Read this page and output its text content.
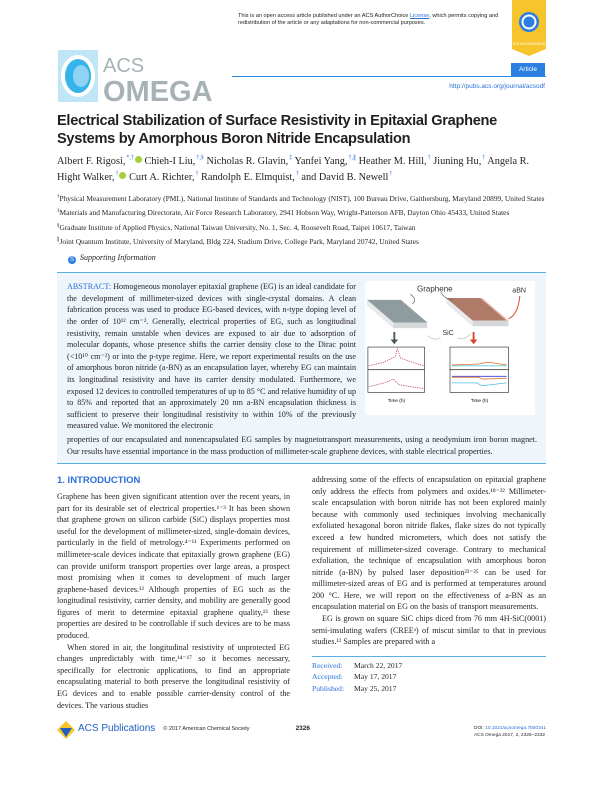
This is an open access article published under an ACS AuthorChoice License, which permits copying and redistribution of the article or any adaptations for non-commercial purposes.
ACS AUTHORCHOICE
ACS
OMEGA
Article
http://pubs.acs.org/journal/acsodf
Electrical Stabilization of Surface Resistivity in Epitaxial Graphene Systems by Amorphous Boron Nitride Encapsulation
Albert F. Rigosi,*,† Chieh-I Liu,†,§ Nicholas R. Glavin,‡ Yanfei Yang,†,∥ Heather M. Hill,† Jiuning Hu,† Angela R. Hight Walker,† Curt A. Richter,† Randolph E. Elmquist,† and David B. Newell†

†Physical Measurement Laboratory (PML), National Institute of Standards and Technology (NIST), 100 Bureau Drive, Gaithersburg, Maryland 20899, United States

‡Materials and Manufacturing Directorate, Air Force Research Laboratory, 2941 Hobson Way, Wright-Patterson AFB, Dayton Ohio 45433, United States

§Graduate Institute of Applied Physics, National Taiwan University, No. 1, Sec. 4, Roosevelt Road, Taipei 10617, Taiwan

∥Joint Quantum Institute, University of Maryland, Bldg 224, Stadium Drive, College Park, Maryland 20742, United States

S Supporting Information

ABSTRACT: Homogeneous monolayer epitaxial graphene (EG) is an ideal candidate for the development of millimeter-sized devices with single-crystal domains. A clean fabrication process was used to produce EG-based devices, with n-type doping level of the order of 10¹² cm⁻². Generally, electrical properties of EG, such as longitudinal resistivity, remain unstable when devices are exposed to air due to adsorption of molecular dopants, whose presence shifts the carrier density close to the Dirac point (<10¹⁰ cm⁻²) or into the p-type regime. Here, we report experimental results on the use of amorphous boron nitride (a-BN) as an encapsulation layer, whereby EG can maintain its longitudinal resistivity and have its carrier density modulated. Furthermore, we exposed 12 devices to controlled temperatures of up to 85 °C and relative humidity of up to 85% and reported that an approximately 20 nm a-BN encapsulation thickness is sufficient to preserve their longitudinal resistivity to within 10% of the previously measured value. We monitored the electronic

Graphene	aBN
SiC
Time (h)	Time (h)

properties of our encapsulated and nonencapsulated EG samples by magnetotransport measurements, using a neodymium iron boron magnet. Our results have essential importance in the mass production of millimeter-scale graphene devices, with stable electrical properties.

1. INTRODUCTION

Graphene has been given significant attention over the recent years, in part for its desirable set of electrical properties.¹⁻³ It has been shown that graphene grown on silicon carbide (SiC) displays properties most useful for the development of millimeter-sized, single-domain devices, particularly in the field of metrology.⁴⁻¹¹ Experiments performed on millimeter-scale devices indicate that epitaxially grown graphene (EG) can provide uniform transport properties over large areas, a prospect most promising when it comes to development of much larger graphene-based devices.¹² Although properties of EG such as the longitudinal resistivity, carrier density, and mobility are generally good figures of merit to determine epitaxial graphene quality,¹³ these properties are desired to be controllable if such devices are to be mass produced.

When stored in air, the longitudinal resistivity of unprotected EG changes unpredictably with time,¹⁴⁻¹⁷ so it becomes necessary, specifically for electronic applications, to find an appropriate encapsulating material to both preserve the longitudinal resistivity of EG devices and to enable possible carrier-density control of the devices. The various studies

addressing some of the effects of encapsulation on epitaxial graphene only address the effects from polymers and oxides.¹⁸⁻²² Millimeter-scale encapsulation with boron nitride has not been explored mainly because with commonly used techniques involving mechanically exfoliated hexagonal boron nitride flakes, flake sizes do not typically exceed a few hundred micrometers, which does not satisfy the requirement of millimeter-sized coverage. Contrary to mechanical exfoliation, the technique of encapsulation with amorphous boron nitride (a-BN) by pulsed laser deposition²³⁻²⁵ can be used for millimeter-sized areas of EG and is performed at temperatures around 200 °C. Here, we will report on the effectiveness of a-BN as an encapsulation material on EG on the basis of transport measurements.

EG is grown on square SiC chips diced from 76 mm 4H-SiC(0001) semi-insulating wafers (CREEᵃ) of miscut similar to that in previous studies.¹² Samples are prepared with a

Received: March 22, 2017
Accepted: May 17, 2017
Published: May 25, 2017
ACS Publications © 2017 American Chemical Society	2326	DOI: 10.1021/acsomega.7b00341
ACS Omega 2017, 2, 2326−2332
